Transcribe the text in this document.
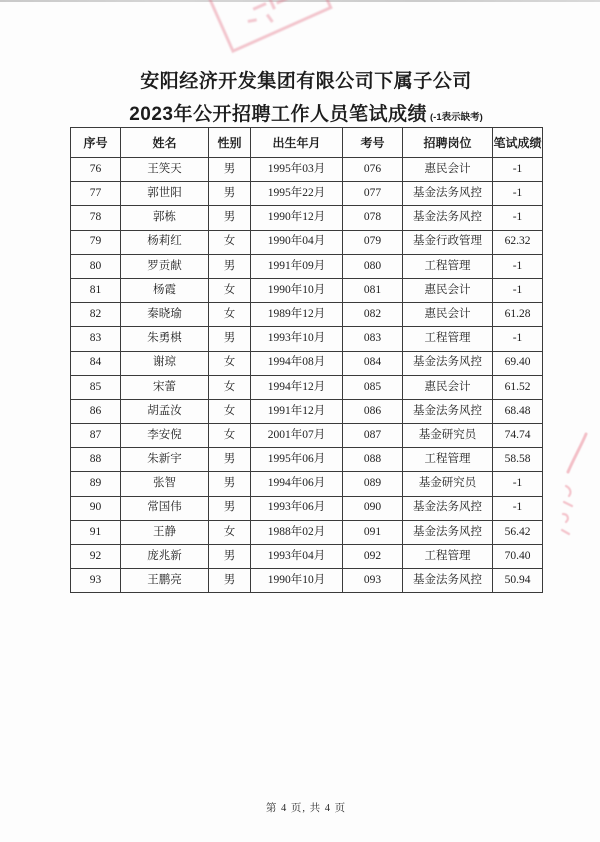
安阳经济开发集团有限公司下属子公司
2023年公开招聘工作人员笔试成绩 (-1表示缺考)
序号	姓名	性别	出生年月	考号	招聘岗位	笔试成绩
76	王笑天	男	1995年03月	076	惠民会计	-1
77	郭世阳	男	1995年22月	077	基金法务风控	-1
78	郭栋	男	1990年12月	078	基金法务风控	-1
79	杨莉红	女	1990年04月	079	基金行政管理	62.32
80	罗贡献	男	1991年09月	080	工程管理	-1
81	杨霞	女	1990年10月	081	惠民会计	-1
82	秦晓瑜	女	1989年12月	082	惠民会计	61.28
83	朱勇棋	男	1993年10月	083	工程管理	-1
84	谢琼	女	1994年08月	084	基金法务风控	69.40
85	宋蕾	女	1994年12月	085	惠民会计	61.52
86	胡孟汝	女	1991年12月	086	基金法务风控	68.48
87	李安倪	女	2001年07月	087	基金研究员	74.74
88	朱新宇	男	1995年06月	088	工程管理	58.58
89	张智	男	1994年06月	089	基金研究员	-1
90	常国伟	男	1993年06月	090	基金法务风控	-1
91	王静	女	1988年02月	091	基金法务风控	56.42
92	庞兆新	男	1993年04月	092	工程管理	70.40
93	王鹏亮	男	1990年10月	093	基金法务风控	50.94
第 4 页, 共 4 页
